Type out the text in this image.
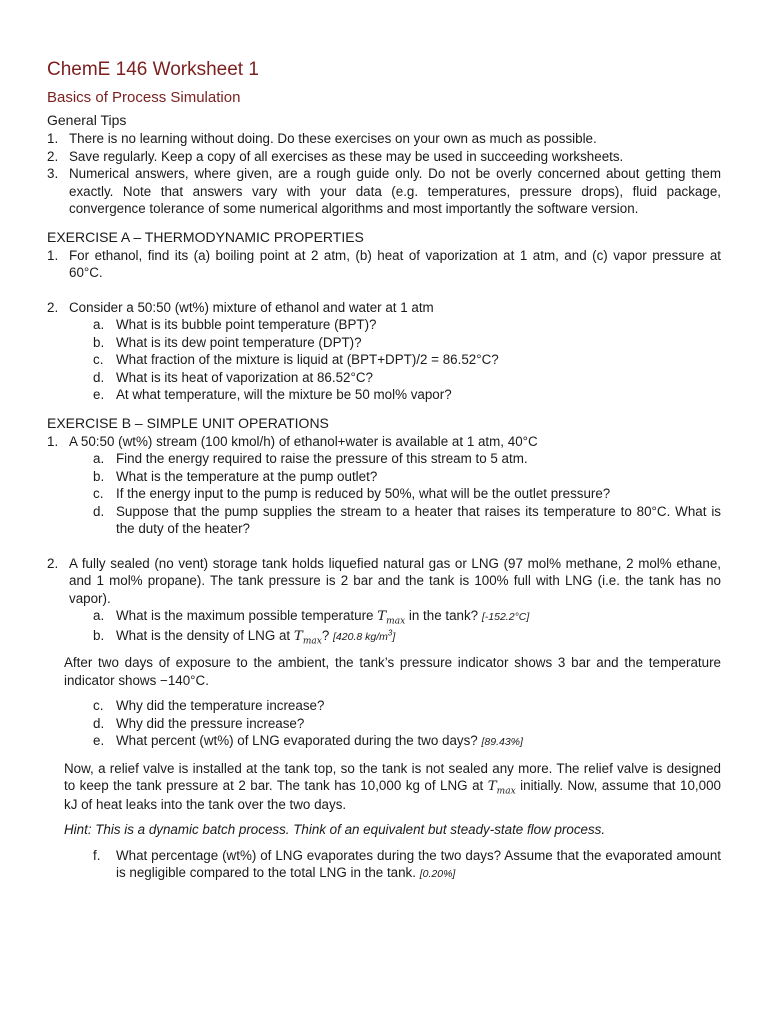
ChemE 146 Worksheet 1
Basics of Process Simulation
General Tips
1. There is no learning without doing. Do these exercises on your own as much as possible.
2. Save regularly. Keep a copy of all exercises as these may be used in succeeding worksheets.
3. Numerical answers, where given, are a rough guide only. Do not be overly concerned about getting them exactly. Note that answers vary with your data (e.g. temperatures, pressure drops), fluid package, convergence tolerance of some numerical algorithms and most importantly the software version.
EXERCISE A – THERMODYNAMIC PROPERTIES
1. For ethanol, find its (a) boiling point at 2 atm, (b) heat of vaporization at 1 atm, and (c) vapor pressure at 60°C.
2. Consider a 50:50 (wt%) mixture of ethanol and water at 1 atm
a. What is its bubble point temperature (BPT)?
b. What is its dew point temperature (DPT)?
c. What fraction of the mixture is liquid at (BPT+DPT)/2 = 86.52°C?
d. What is its heat of vaporization at 86.52°C?
e. At what temperature, will the mixture be 50 mol% vapor?
EXERCISE B – SIMPLE UNIT OPERATIONS
1. A 50:50 (wt%) stream (100 kmol/h) of ethanol+water is available at 1 atm, 40°C
a. Find the energy required to raise the pressure of this stream to 5 atm.
b. What is the temperature at the pump outlet?
c. If the energy input to the pump is reduced by 50%, what will be the outlet pressure?
d. Suppose that the pump supplies the stream to a heater that raises its temperature to 80°C. What is the duty of the heater?
2. A fully sealed (no vent) storage tank holds liquefied natural gas or LNG (97 mol% methane, 2 mol% ethane, and 1 mol% propane). The tank pressure is 2 bar and the tank is 100% full with LNG (i.e. the tank has no vapor).
a. What is the maximum possible temperature $T_{max}$ in the tank? [-152.2°C]
b. What is the density of LNG at $T_{max}$? [420.8 $kg/m^3$]
After two days of exposure to the ambient, the tank’s pressure indicator shows 3 bar and the temperature indicator shows −140°C.
c. Why did the temperature increase?
d. Why did the pressure increase?
e. What percent (wt%) of LNG evaporated during the two days? [89.43%]
Now, a relief valve is installed at the tank top, so the tank is not sealed any more. The relief valve is designed to keep the tank pressure at 2 bar. The tank has 10,000 kg of LNG at $T_{max}$ initially. Now, assume that 10,000 kJ of heat leaks into the tank over the two days.
Hint: This is a dynamic batch process. Think of an equivalent but steady-state flow process.
f.	What percentage (wt%) of LNG evaporates during the two days? Assume that the evaporated amount is negligible compared to the total LNG in the tank. [0.20%]
